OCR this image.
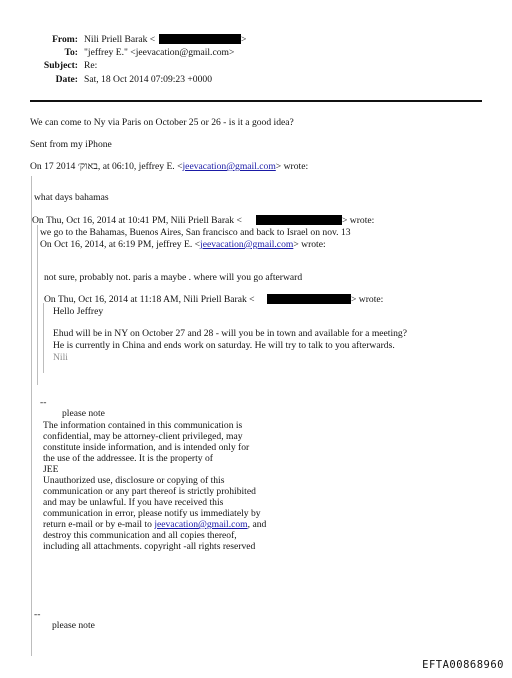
From: Nili Priell Barak <	>
To: "jeffrey E." <jeevacation@gmail.com>
Subject: Re:
Date: Sat, 18 Oct 2014 07:09:23 +0000
We can come to Ny via Paris on October 25 or 26 - is it a good idea?
Sent from my iPhone
On 17 2014 באוק׳, at 06:10, jeffrey E. <jeevacation@gmail.com> wrote:
what days bahamas
On Thu, Oct 16, 2014 at 10:41 PM, Nili Priell Barak <	> wrote:
we go to the Bahamas, Buenos Aires, San francisco and back to Israel on nov. 13
On Oct 16, 2014, at 6:19 PM, jeffrey E. <jeevacation@gmail.com> wrote:
not sure, probably not. paris a maybe . where will you go afterward
On Thu, Oct 16, 2014 at 11:18 AM, Nili Priell Barak <	> wrote:
Hello Jeffrey
Ehud will be in NY on October 27 and 28 - will you be in town and available for a meeting?
He is currently in China and ends work on saturday. He will try to talk to you afterwards.
Nili
--
please note
The information contained in this communication is
confidential, may be attorney-client privileged, may
constitute inside information, and is intended only for
the use of the addressee. It is the property of
JEE
Unauthorized use, disclosure or copying of this
communication or any part thereof is strictly prohibited
and may be unlawful. If you have received this
communication in error, please notify us immediately by
return e-mail or by e-mail to jeevacation@gmail.com, and
destroy this communication and all copies thereof,
including all attachments. copyright -all rights reserved
--
please note
EFTA00868960
